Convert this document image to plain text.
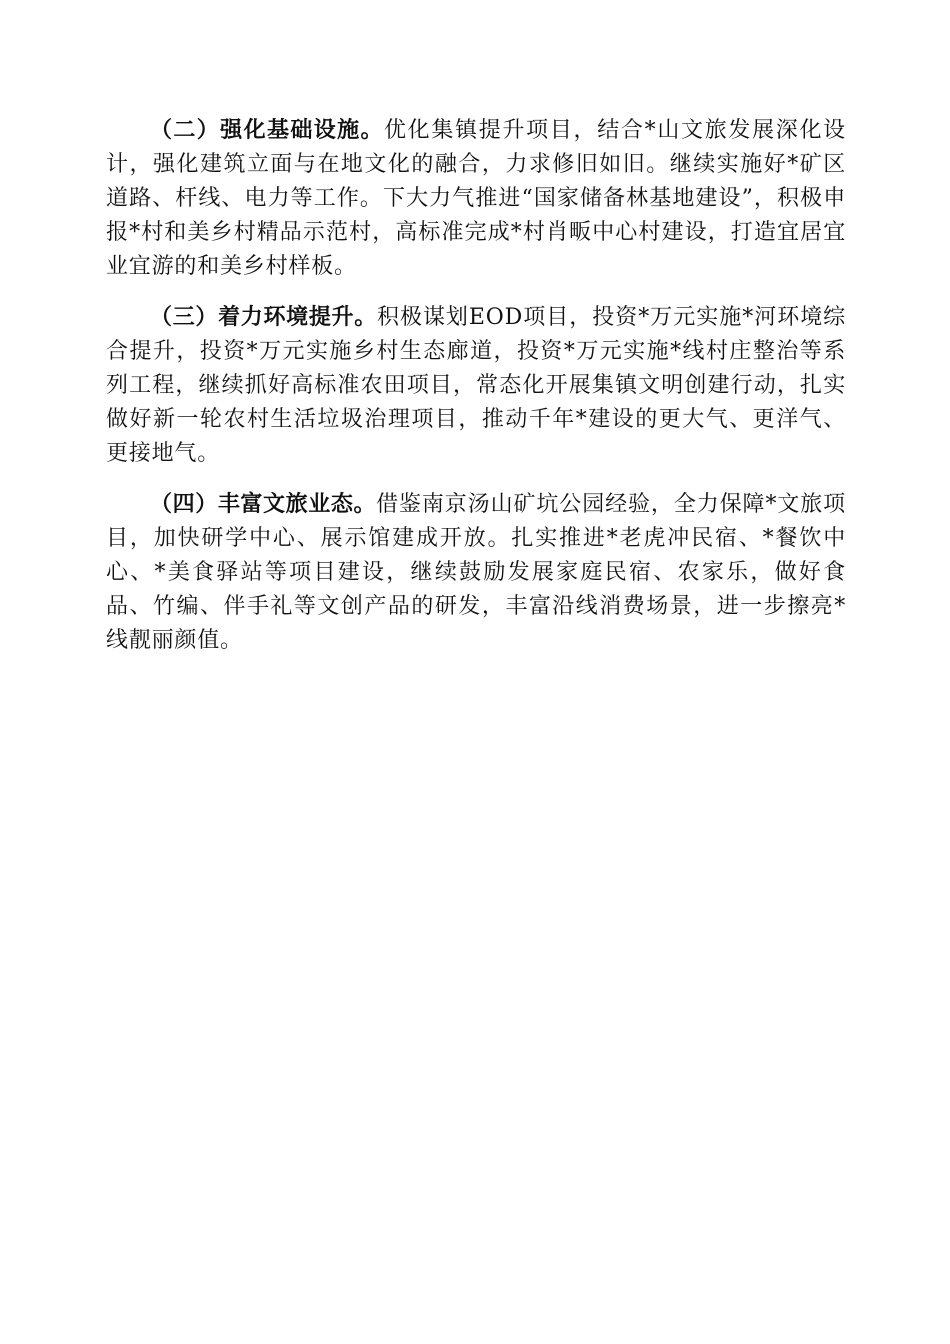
（二）强化基础设施。优化集镇提升项目，结合*山文旅发展深化设计，强化建筑立面与在地文化的融合，力求修旧如旧。继续实施好*矿区道路、杆线、电力等工作。下大力气推进“国家储备林基地建设”，积极申报*村和美乡村精品示范村，高标准完成*村肖畈中心村建设，打造宜居宜业宜游的和美乡村样板。

（三）着力环境提升。积极谋划EOD项目，投资*万元实施*河环境综合提升，投资*万元实施乡村生态廊道，投资*万元实施*线村庄整治等系列工程，继续抓好高标准农田项目，常态化开展集镇文明创建行动，扎实做好新一轮农村生活垃圾治理项目，推动千年*建设的更大气、更洋气、更接地气。

（四）丰富文旅业态。借鉴南京汤山矿坑公园经验，全力保障*文旅项目，加快研学中心、展示馆建成开放。扎实推进*老虎冲民宿、*餐饮中心、*美食驿站等项目建设，继续鼓励发展家庭民宿、农家乐，做好食品、竹编、伴手礼等文创产品的研发，丰富沿线消费场景，进一步擦亮*线靓丽颜值。
